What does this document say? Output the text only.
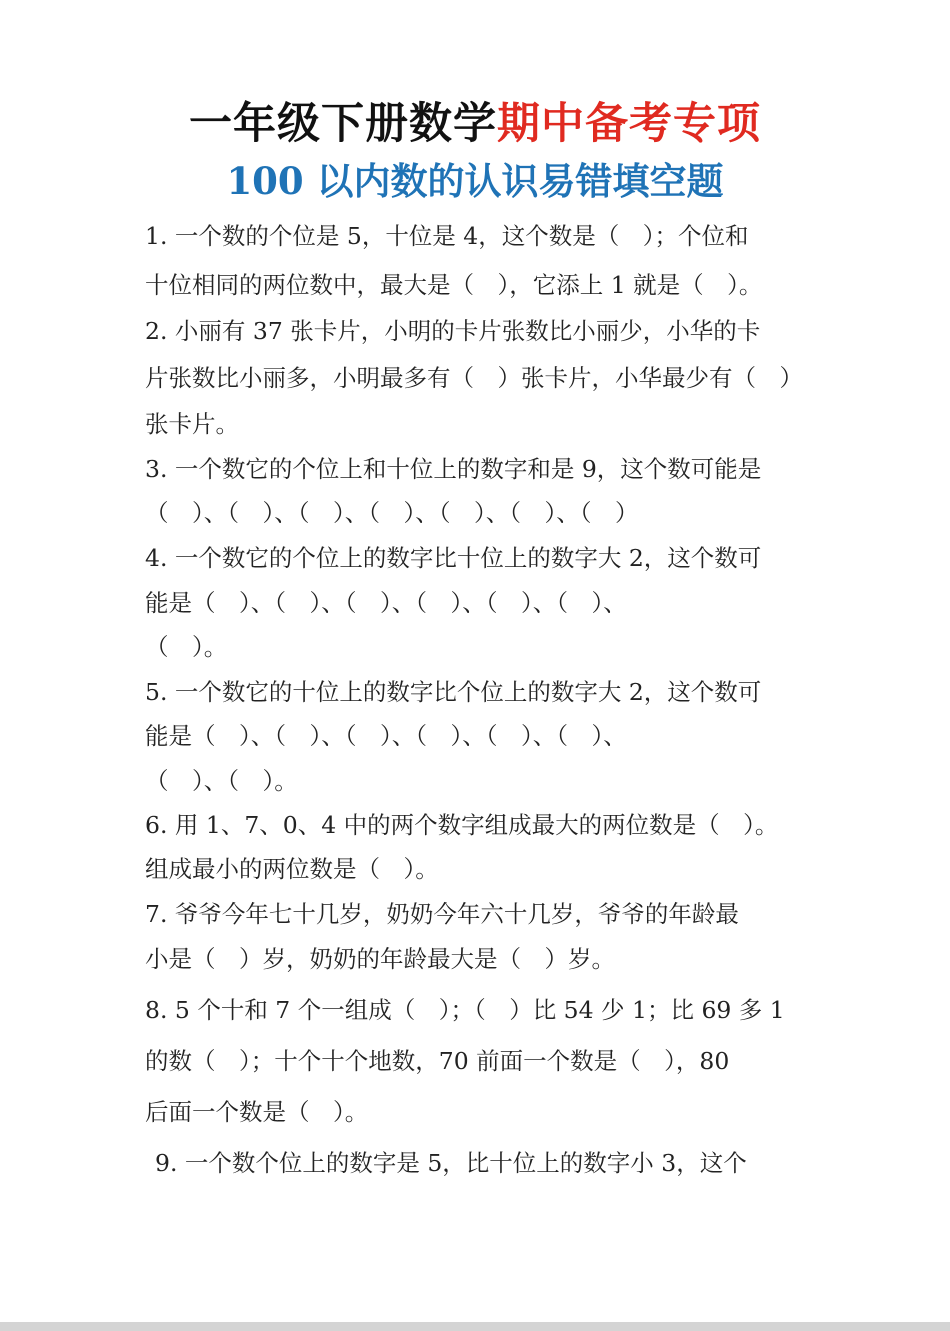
一年级下册数学期中备考专项
100 以内数的认识易错填空题
1. 一个数的个位是 5，十位是 4，这个数是（　）；个位和
十位相同的两位数中，最大是（　），它添上 1 就是（　）。
2. 小丽有 37 张卡片，小明的卡片张数比小丽少，小华的卡
片张数比小丽多，小明最多有（　）张卡片，小华最少有（　）
张卡片。
3. 一个数它的个位上和十位上的数字和是 9，这个数可能是
（　）、（　）、（　）、（　）、（　）、（　）、（　）
4. 一个数它的个位上的数字比十位上的数字大 2，这个数可
能是（　）、（　）、（　）、（　）、（　）、（　）、
（　）。
5. 一个数它的十位上的数字比个位上的数字大 2，这个数可
能是（　）、（　）、（　）、（　）、（　）、（　）、
（　）、（　）。
6. 用 1、7、0、4 中的两个数字组成最大的两位数是（　）。
组成最小的两位数是（　）。
7. 爷爷今年七十几岁，奶奶今年六十几岁，爷爷的年龄最
小是（　）岁，奶奶的年龄最大是（　）岁。
8. 5 个十和 7 个一组成（　）；（　）比 54 少 1；比 69 多 1
的数（　）；十个十个地数，70 前面一个数是（　），80
后面一个数是（　）。
9. 一个数个位上的数字是 5，比十位上的数字小 3，这个
